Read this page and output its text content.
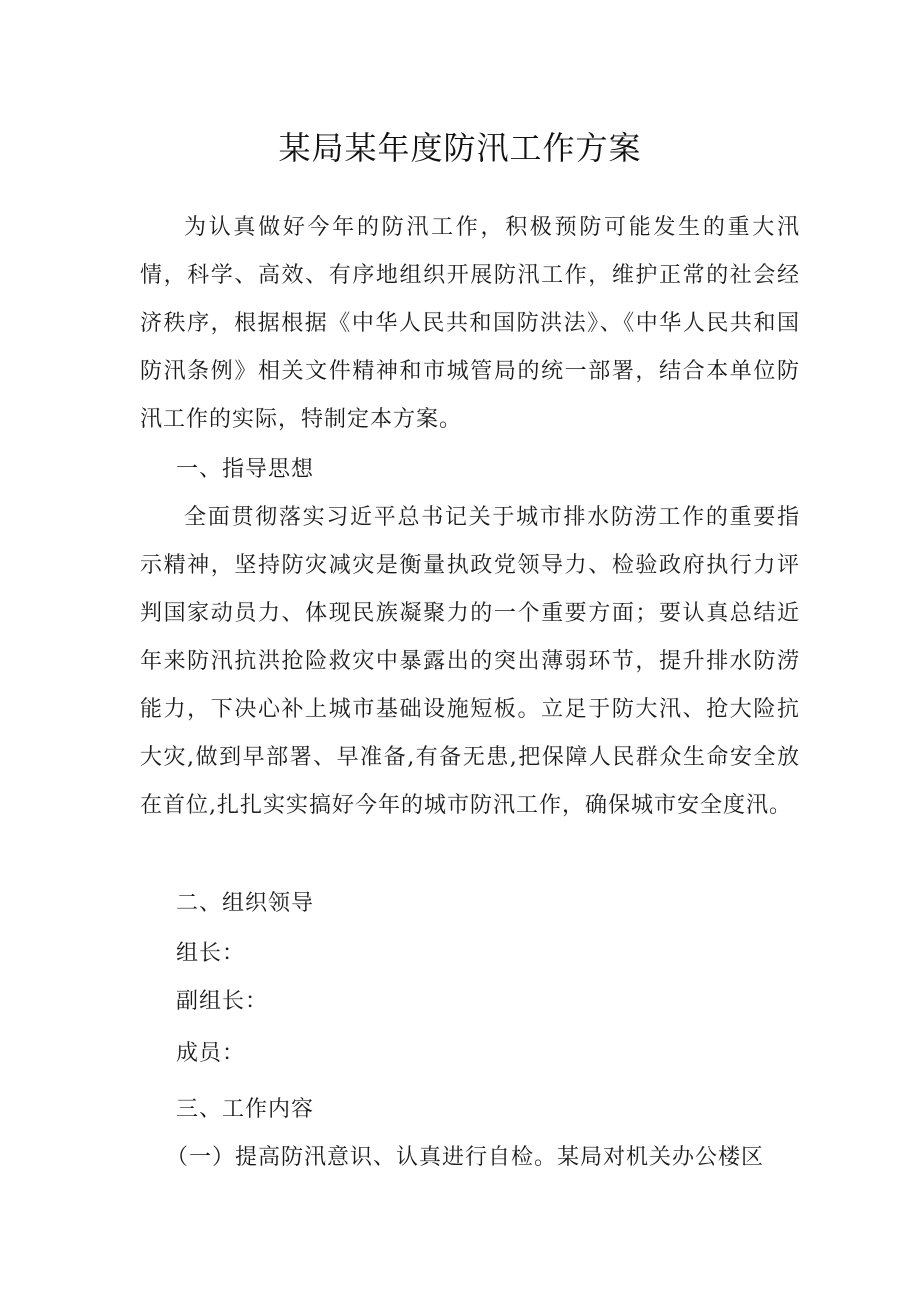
某局某年度防汛工作方案

为认真做好今年的防汛工作，积极预防可能发生的重大汛情，科学、高效、有序地组织开展防汛工作，维护正常的社会经济秩序，根据根据《中华人民共和国防洪法》、《中华人民共和国防汛条例》相关文件精神和市城管局的统一部署，结合本单位防汛工作的实际，特制定本方案。

一、指导思想

全面贯彻落实习近平总书记关于城市排水防涝工作的重要指示精神，坚持防灾减灾是衡量执政党领导力、检验政府执行力评判国家动员力、体现民族凝聚力的一个重要方面；要认真总结近年来防汛抗洪抢险救灾中暴露出的突出薄弱环节，提升排水防涝能力，下决心补上城市基础设施短板。立足于防大汛、抢大险抗大灾,做到早部署、早准备,有备无患,把保障人民群众生命安全放在首位,扎扎实实搞好今年的城市防汛工作，确保城市安全度汛。

二、组织领导

组长：

副组长：

成员：

三、工作内容

（一）提高防汛意识、认真进行自检。某局对机关办公楼区
